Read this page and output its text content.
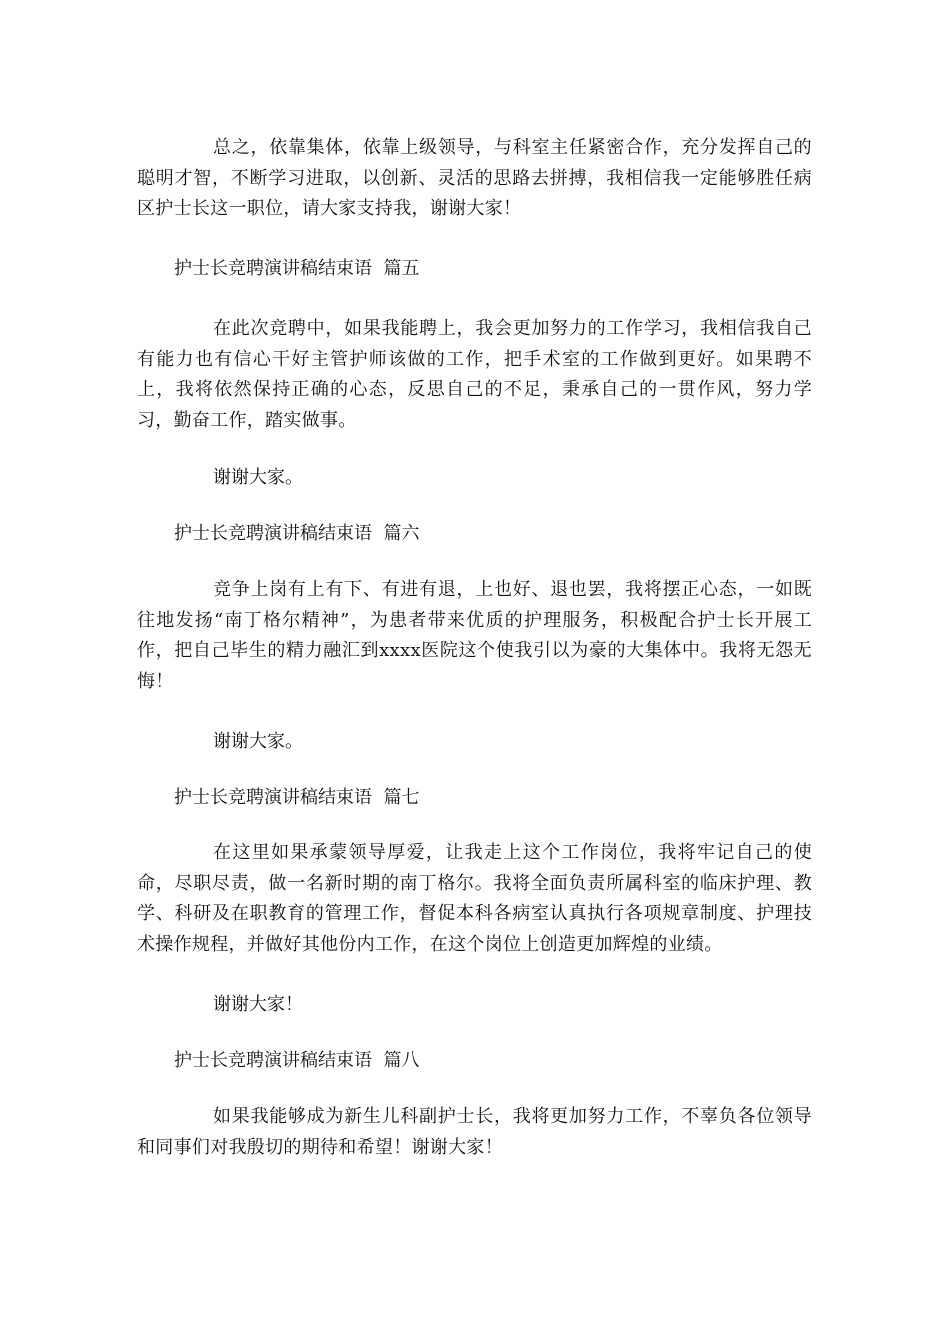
总之，依靠集体，依靠上级领导，与科室主任紧密合作，充分发挥自己的聪明才智，不断学习进取，以创新、灵活的思路去拼搏，我相信我一定能够胜任病区护士长这一职位，请大家支持我，谢谢大家！

护士长竞聘演讲稿结束语  篇五

在此次竞聘中，如果我能聘上，我会更加努力的工作学习，我相信我自己有能力也有信心干好主管护师该做的工作，把手术室的工作做到更好。如果聘不上，我将依然保持正确的心态，反思自己的不足，秉承自己的一贯作风，努力学习，勤奋工作，踏实做事。

谢谢大家。

护士长竞聘演讲稿结束语  篇六

竞争上岗有上有下、有进有退，上也好、退也罢，我将摆正心态，一如既往地发扬“南丁格尔精神”，为患者带来优质的护理服务，积极配合护士长开展工作，把自己毕生的精力融汇到xxxx医院这个使我引以为豪的大集体中。我将无怨无悔！

谢谢大家。

护士长竞聘演讲稿结束语  篇七

在这里如果承蒙领导厚爱，让我走上这个工作岗位，我将牢记自己的使命，尽职尽责，做一名新时期的南丁格尔。我将全面负责所属科室的临床护理、教学、科研及在职教育的管理工作，督促本科各病室认真执行各项规章制度、护理技术操作规程，并做好其他份内工作，在这个岗位上创造更加辉煌的业绩。

谢谢大家！

护士长竞聘演讲稿结束语  篇八

如果我能够成为新生儿科副护士长，我将更加努力工作，不辜负各位领导和同事们对我殷切的期待和希望！谢谢大家！
